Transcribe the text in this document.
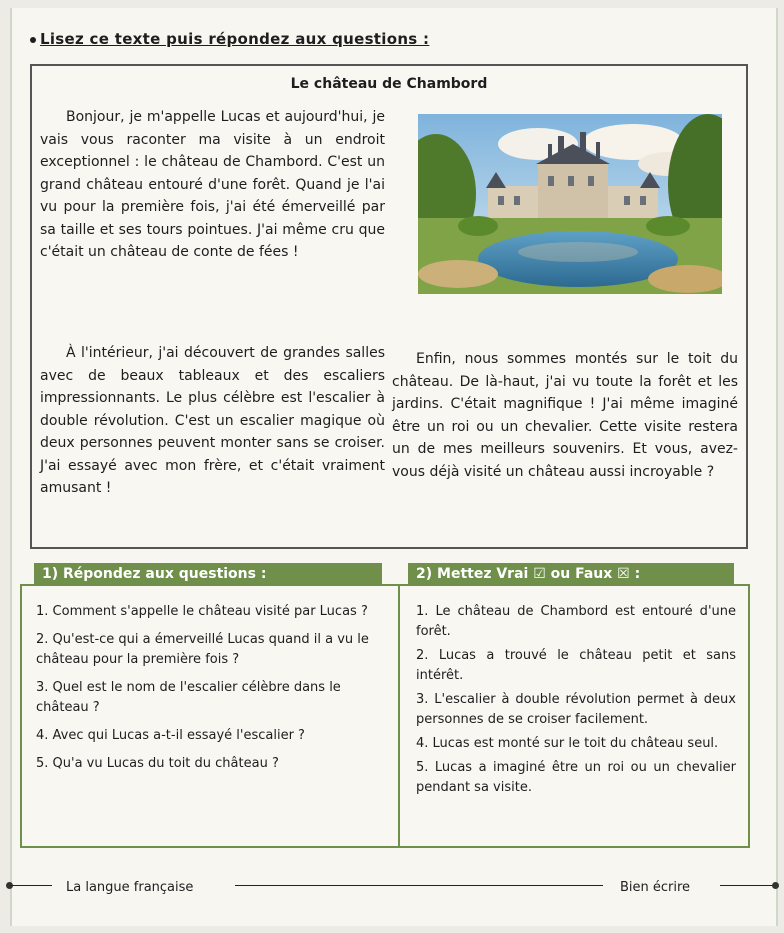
Lisez ce texte puis répondez aux questions :
Le château de Chambord

Bonjour, je m'appelle Lucas et aujourd'hui, je vais vous raconter ma visite à un endroit exceptionnel : le château de Chambord. C'est un grand château entouré d'une forêt. Quand je l'ai vu pour la première fois, j'ai été émerveillé par sa taille et ses tours pointues. J'ai même cru que c'était un château de conte de fées !

À l'intérieur, j'ai découvert de grandes salles avec de beaux tableaux et des escaliers impressionnants. Le plus célèbre est l'escalier à double révolution. C'est un escalier magique où deux personnes peuvent monter sans se croiser. J'ai essayé avec mon frère, et c'était vraiment amusant !

Enfin, nous sommes montés sur le toit du château. De là-haut, j'ai vu toute la forêt et les jardins. C'était magnifique ! J'ai même imaginé être un roi ou un chevalier. Cette visite restera un de mes meilleurs souvenirs. Et vous, avez-vous déjà visité un château aussi incroyable ?

1) Répondez aux questions :	2) Mettez Vrai ☑ ou Faux ☒ :
1. Comment s'appelle le château visité par Lucas ?
2. Qu'est-ce qui a émerveillé Lucas quand il a vu le château pour la première fois ?
3. Quel est le nom de l'escalier célèbre dans le château ?
4. Avec qui Lucas a-t-il essayé l'escalier ?
5. Qu'a vu Lucas du toit du château ?
1. Le château de Chambord est entouré d'une forêt.
2. Lucas a trouvé le château petit et sans intérêt.
3. L'escalier à double révolution permet à deux personnes de se croiser facilement.
4. Lucas est monté sur le toit du château seul.
5. Lucas a imaginé être un roi ou un chevalier pendant sa visite.
La langue française	Bien écrire
